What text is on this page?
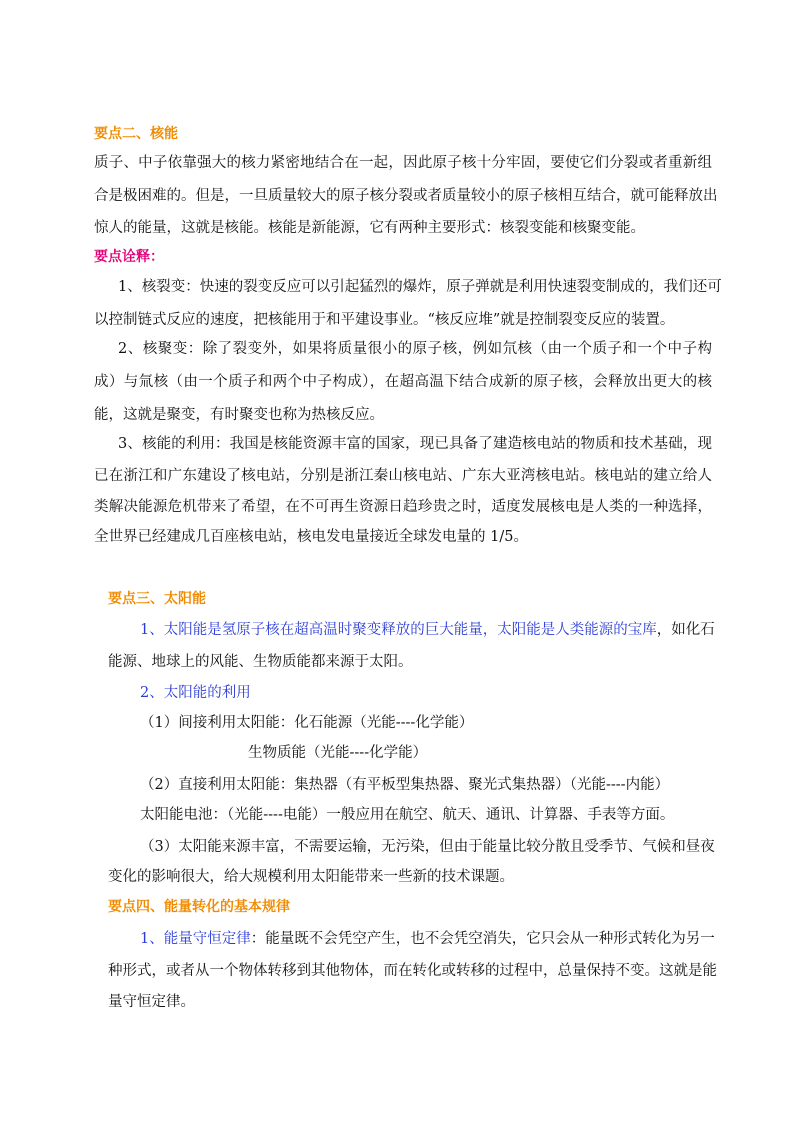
要点二、核能
质子、中子依靠强大的核力紧密地结合在一起，因此原子核十分牢固，要使它们分裂或者重新组
合是极困难的。但是，一旦质量较大的原子核分裂或者质量较小的原子核相互结合，就可能释放出
惊人的能量，这就是核能。核能是新能源，它有两种主要形式：核裂变能和核聚变能。
要点诠释：
1、核裂变：快速的裂变反应可以引起猛烈的爆炸，原子弹就是利用快速裂变制成的，我们还可
以控制链式反应的速度，把核能用于和平建设事业。“核反应堆”就是控制裂变反应的装置。
2、核聚变：除了裂变外，如果将质量很小的原子核，例如氘核（由一个质子和一个中子构
成）与氚核（由一个质子和两个中子构成），在超高温下结合成新的原子核，会释放出更大的核
能，这就是聚变，有时聚变也称为热核反应。
3、核能的利用：我国是核能资源丰富的国家，现已具备了建造核电站的物质和技术基础，现
已在浙江和广东建设了核电站，分别是浙江秦山核电站、广东大亚湾核电站。核电站的建立给人
类解决能源危机带来了希望，在不可再生资源日趋珍贵之时，适度发展核电是人类的一种选择，
全世界已经建成几百座核电站，核电发电量接近全球发电量的 1/5。
要点三、太阳能
1、太阳能是氢原子核在超高温时聚变释放的巨大能量，太阳能是人类能源的宝库，如化石
能源、地球上的风能、生物质能都来源于太阳。
2、太阳能的利用
（1）间接利用太阳能：化石能源（光能----化学能）
生物质能（光能----化学能）
（2）直接利用太阳能：集热器（有平板型集热器、聚光式集热器）（光能----内能）
太阳能电池：（光能----电能）一般应用在航空、航天、通讯、计算器、手表等方面。
（3）太阳能来源丰富，不需要运输，无污染，但由于能量比较分散且受季节、气候和昼夜
变化的影响很大，给大规模利用太阳能带来一些新的技术课题。
要点四、能量转化的基本规律
1、能量守恒定律：能量既不会凭空产生，也不会凭空消失，它只会从一种形式转化为另一
种形式，或者从一个物体转移到其他物体，而在转化或转移的过程中，总量保持不变。这就是能
量守恒定律。
